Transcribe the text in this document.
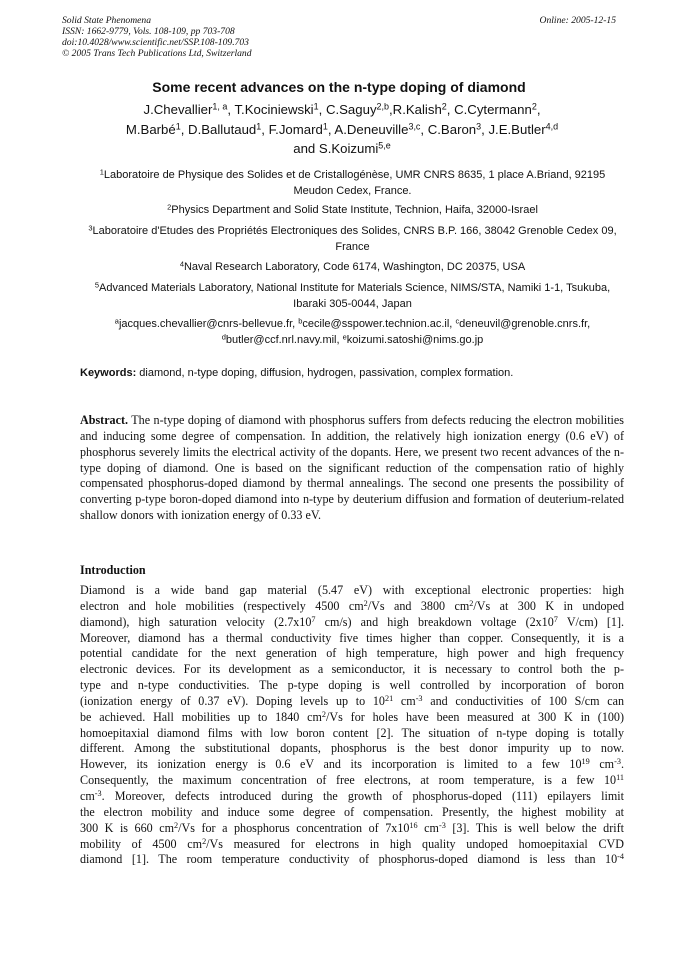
Solid State Phenomena
ISSN: 1662-9779, Vols. 108-109, pp 703-708
doi:10.4028/www.scientific.net/SSP.108-109.703
© 2005 Trans Tech Publications Ltd, Switzerland
Online: 2005-12-15
Some recent advances on the n-type doping of diamond
J.Chevallier$^{1, a}$, T.Kociniewski$^1$, C.Saguy$^{2,b}$,R.Kalish$^2$, C.Cytermann$^2$,
M.Barbé$^1$, D.Ballutaud$^1$, F.Jomard$^1$, A.Deneuville$^{3,c}$, C.Baron$^3$, J.E.Butler$^{4,d}$
and S.Koizumi$^{5,e}$
$^1$Laboratoire de Physique des Solides et de Cristallogénèse, UMR CNRS 8635, 1 place A.Briand, 92195 Meudon Cedex, France.
$^2$Physics Department and Solid State Institute, Technion, Haifa, 32000-Israel
$^3$Laboratoire d'Etudes des Propriétés Electroniques des Solides, CNRS B.P. 166, 38042 Grenoble Cedex 09, France
$^4$Naval Research Laboratory, Code 6174, Washington, DC 20375, USA
$^5$Advanced Materials Laboratory, National Institute for Materials Science, NIMS/STA, Namiki 1-1, Tsukuba, Ibaraki 305-0044, Japan
$^a$jacques.chevallier@cnrs-bellevue.fr, $^b$cecile@sspower.technion.ac.il, $^c$deneuvil@grenoble.cnrs.fr,
$^d$butler@ccf.nrl.navy.mil, $^e$koizumi.satoshi@nims.go.jp
Keywords: diamond, n-type doping, diffusion, hydrogen, passivation, complex formation.
Abstract. The n-type doping of diamond with phosphorus suffers from defects reducing the electron mobilities and inducing some degree of compensation. In addition, the relatively high ionization energy (0.6 eV) of phosphorus severely limits the electrical activity of the dopants. Here, we present two recent advances of the n-type doping of diamond. One is based on the significant reduction of the compensation ratio of highly compensated phosphorus-doped diamond by thermal annealings. The second one presents the possibility of converting p-type boron-doped diamond into n-type by deuterium diffusion and formation of deuterium-related shallow donors with ionization energy of 0.33 eV.
Introduction
Diamond is a wide band gap material (5.47 eV) with exceptional electronic properties: high
electron and hole mobilities (respectively 4500 $cm^2/Vs$ and 3800 $cm^2/Vs$ at 300 K in undoped
diamond), high saturation velocity ($2.7x10^7$ cm/s) and high breakdown voltage ($2x10^7$ V/cm) [1].
Moreover, diamond has a thermal conductivity five times higher than copper. Consequently, it is a
potential candidate for the next generation of high temperature, high power and high frequency
electronic devices. For its development as a semiconductor, it is necessary to control both the p-
type and n-type conductivities. The p-type doping is well controlled by incorporation of boron
(ionization energy of 0.37 eV). Doping levels up to $10^{21}$ $cm^{-3}$ and conductivities of 100 S/cm can
be achieved. Hall mobilities up to 1840 $cm^2/Vs$ for holes have been measured at 300 K in (100)
homoepitaxial diamond films with low boron content [2]. The situation of n-type doping is totally
different. Among the substitutional dopants, phosphorus is the best donor impurity up to now.
However, its ionization energy is 0.6 eV and its incorporation is limited to a few $10^{19}$ $cm^{-3}$.
Consequently, the maximum concentration of free electrons, at room temperature, is a few $10^{11}$
$cm^{-3}$. Moreover, defects introduced during the growth of phosphorus-doped (111) epilayers limit
the electron mobility and induce some degree of compensation. Presently, the highest mobility at
300 K is 660 $cm^2/Vs$ for a phosphorus concentration of $7x10^{16}$ $cm^{-3}$ [3]. This is well below the drift
mobility of 4500 $cm^2/Vs$ measured for electrons in high quality undoped homoepitaxial CVD
diamond [1]. The room temperature conductivity of phosphorus-doped diamond is less than $10^{-4}$
